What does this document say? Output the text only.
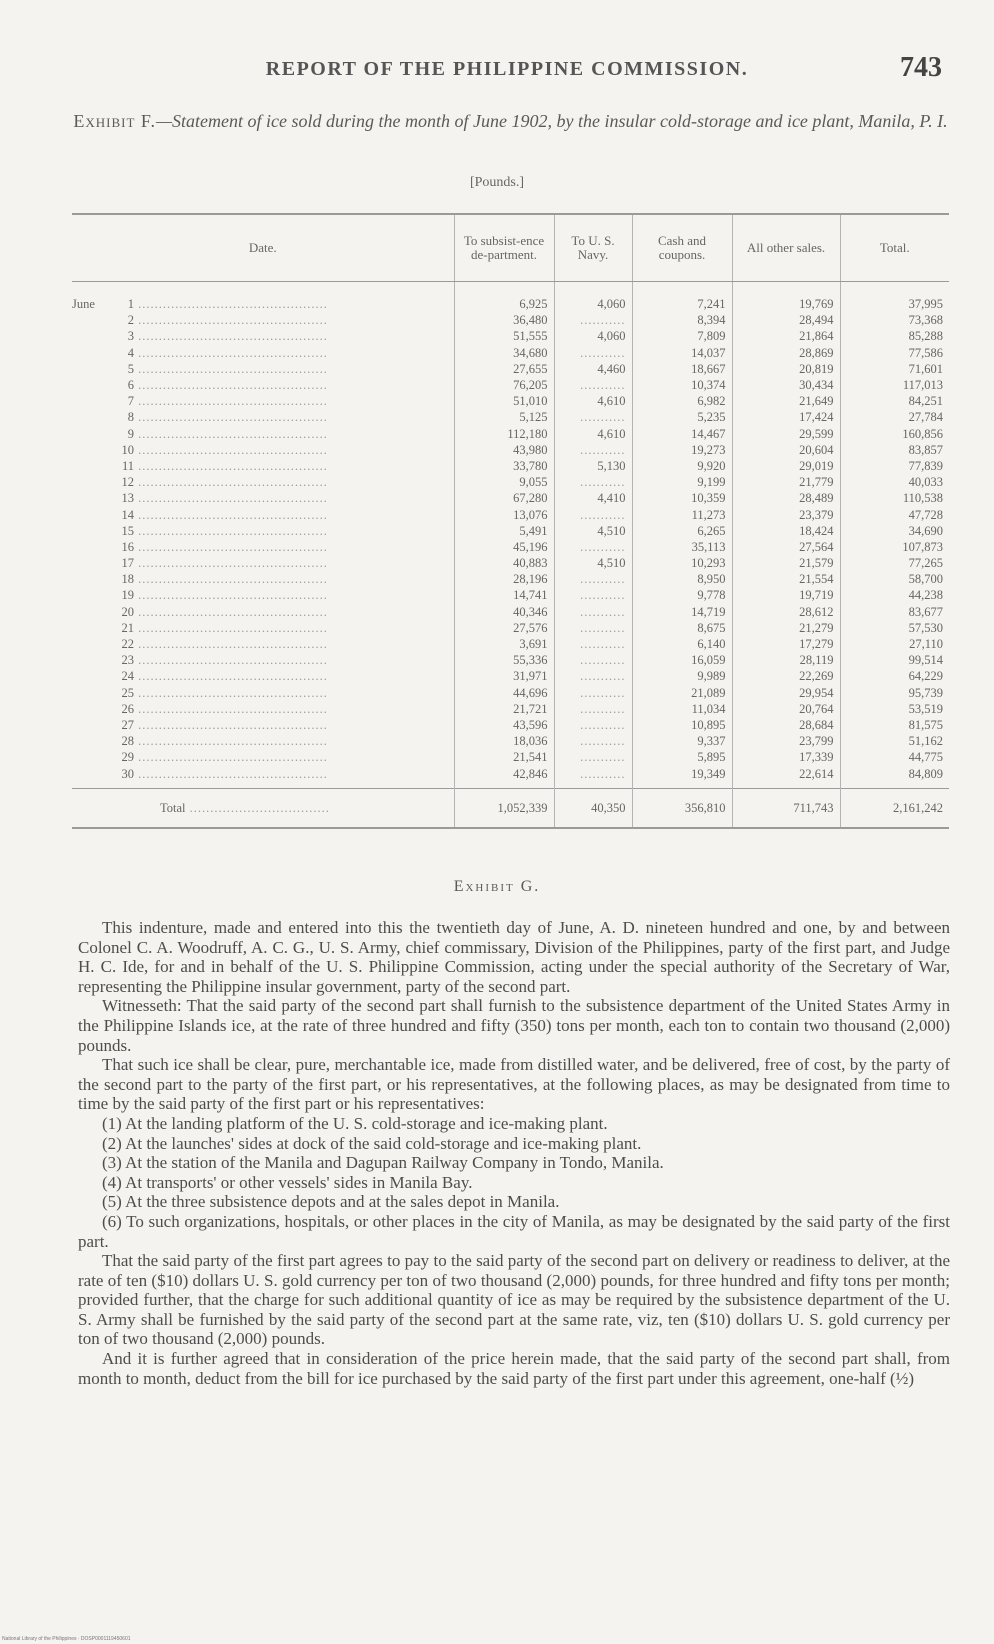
REPORT OF THE PHILIPPINE COMMISSION.	743
Exhibit F.—Statement of ice sold during the month of June 1902, by the insular cold-storage and ice plant, Manila, P. I.
[Pounds.]
Date.	To subsist-ence de-partment.	To U. S. Navy.	Cash and coupons.	All other sales.	Total.
June 1 ..............................................	6,925	4,060	7,241	19,769	37,995
2 ..............................................	36,480	...........	8,394	28,494	73,368
3 ..............................................	51,555	4,060	7,809	21,864	85,288
4 ..............................................	34,680	...........	14,037	28,869	77,586
5 ..............................................	27,655	4,460	18,667	20,819	71,601
6 ..............................................	76,205	...........	10,374	30,434	117,013
7 ..............................................	51,010	4,610	6,982	21,649	84,251
8 ..............................................	5,125	...........	5,235	17,424	27,784
9 ..............................................	112,180	4,610	14,467	29,599	160,856
10 ..............................................	43,980	...........	19,273	20,604	83,857
11 ..............................................	33,780	5,130	9,920	29,019	77,839
12 ..............................................	9,055	...........	9,199	21,779	40,033
13 ..............................................	67,280	4,410	10,359	28,489	110,538
14 ..............................................	13,076	...........	11,273	23,379	47,728
15 ..............................................	5,491	4,510	6,265	18,424	34,690
16 ..............................................	45,196	...........	35,113	27,564	107,873
17 ..............................................	40,883	4,510	10,293	21,579	77,265
18 ..............................................	28,196	...........	8,950	21,554	58,700
19 ..............................................	14,741	...........	9,778	19,719	44,238
20 ..............................................	40,346	...........	14,719	28,612	83,677
21 ..............................................	27,576	...........	8,675	21,279	57,530
22 ..............................................	3,691	...........	6,140	17,279	27,110
23 ..............................................	55,336	...........	16,059	28,119	99,514
24 ..............................................	31,971	...........	9,989	22,269	64,229
25 ..............................................	44,696	...........	21,089	29,954	95,739
26 ..............................................	21,721	...........	11,034	20,764	53,519
27 ..............................................	43,596	...........	10,895	28,684	81,575
28 ..............................................	18,036	...........	9,337	23,799	51,162
29 ..............................................	21,541	...........	5,895	17,339	44,775
30 ..............................................	42,846	...........	19,349	22,614	84,809
Total ..................................	1,052,339	40,350	356,810	711,743	2,161,242
Exhibit G.

This indenture, made and entered into this the twentieth day of June, A. D. nineteen hundred and one, by and between Colonel C. A. Woodruff, A. C. G., U. S. Army, chief commissary, Division of the Philippines, party of the first part, and Judge H. C. Ide, for and in behalf of the U. S. Philippine Commission, acting under the special authority of the Secretary of War, representing the Philippine insular government, party of the second part.

Witnesseth: That the said party of the second part shall furnish to the subsistence department of the United States Army in the Philippine Islands ice, at the rate of three hundred and fifty (350) tons per month, each ton to contain two thousand (2,000) pounds.

That such ice shall be clear, pure, merchantable ice, made from distilled water, and be delivered, free of cost, by the party of the second part to the party of the first part, or his representatives, at the following places, as may be designated from time to time by the said party of the first part or his representatives:

(1) At the landing platform of the U. S. cold-storage and ice-making plant.

(2) At the launches' sides at dock of the said cold-storage and ice-making plant.

(3) At the station of the Manila and Dagupan Railway Company in Tondo, Manila.

(4) At transports' or other vessels' sides in Manila Bay.

(5) At the three subsistence depots and at the sales depot in Manila.

(6) To such organizations, hospitals, or other places in the city of Manila, as may be designated by the said party of the first part.

That the said party of the first part agrees to pay to the said party of the second part on delivery or readiness to deliver, at the rate of ten ($10) dollars U. S. gold currency per ton of two thousand (2,000) pounds, for three hundred and fifty tons per month; provided further, that the charge for such additional quantity of ice as may be required by the subsistence department of the U. S. Army shall be furnished by the said party of the second part at the same rate, viz, ten ($10) dollars U. S. gold currency per ton of two thousand (2,000) pounds.

And it is further agreed that in consideration of the price herein made, that the said party of the second part shall, from month to month, deduct from the bill for ice purchased by the said party of the first part under this agreement, one-half (½)

National Library of the Philippines · DOSP0001119450601
